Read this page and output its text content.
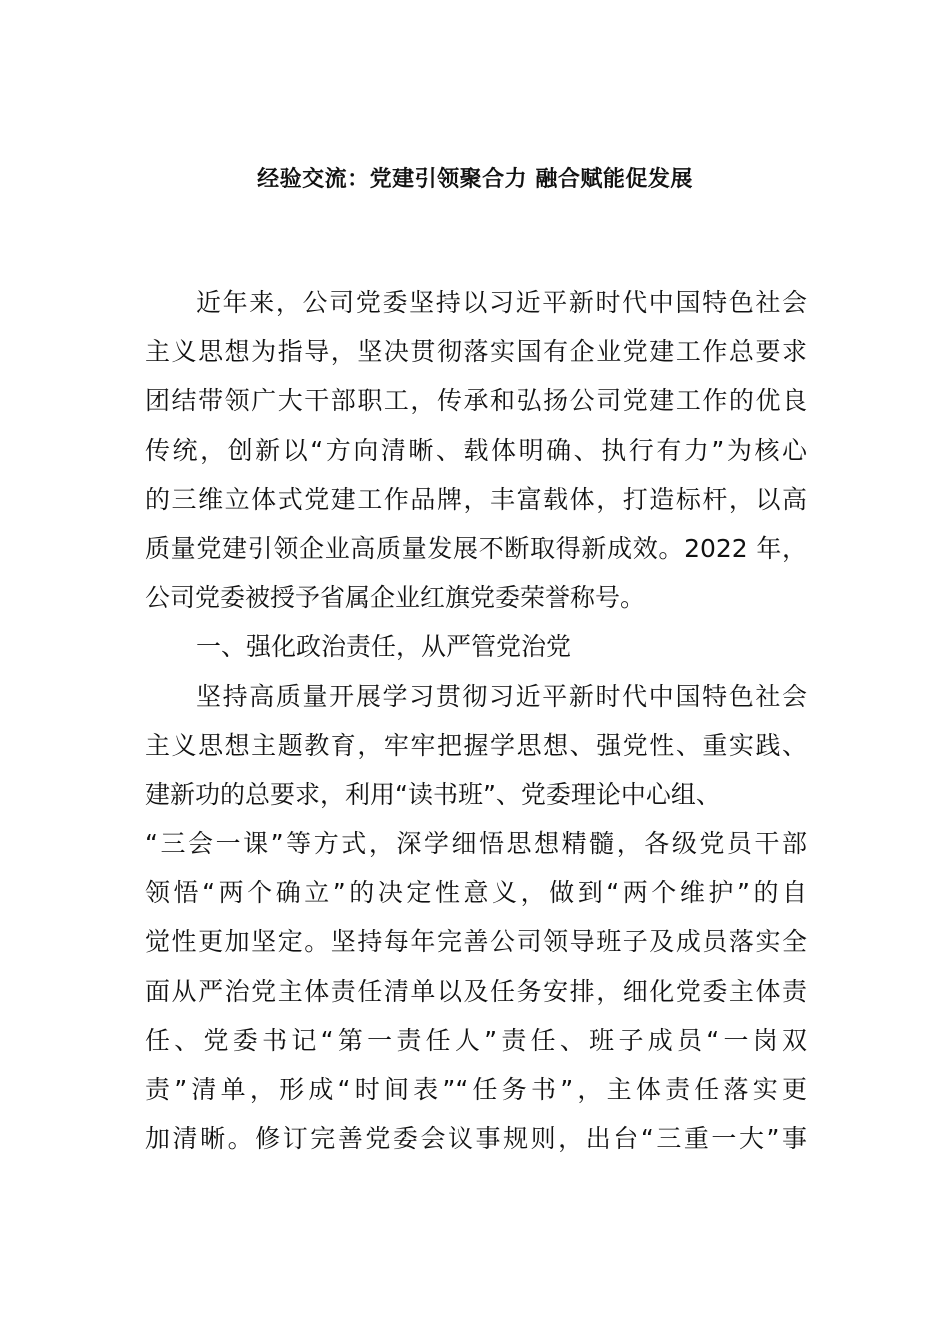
经验交流：党建引领聚合力 融合赋能促发展
近年来，公司党委坚持以习近平新时代中国特色社会
主义思想为指导，坚决贯彻落实国有企业党建工作总要求
团结带领广大干部职工，传承和弘扬公司党建工作的优良
传统，创新以“方向清晰、载体明确、执行有力”为核心
的三维立体式党建工作品牌，丰富载体，打造标杆，以高
质量党建引领企业高质量发展不断取得新成效。2022 年，
公司党委被授予省属企业红旗党委荣誉称号。
一、强化政治责任，从严管党治党
坚持高质量开展学习贯彻习近平新时代中国特色社会
主义思想主题教育，牢牢把握学思想、强党性、重实践、
建新功的总要求，利用“读书班”、党委理论中心组、
“三会一课”等方式，深学细悟思想精髓，各级党员干部
领悟“两个确立”的决定性意义，做到“两个维护”的自
觉性更加坚定。坚持每年完善公司领导班子及成员落实全
面从严治党主体责任清单以及任务安排，细化党委主体责
任、党委书记“第一责任人”责任、班子成员“一岗双
责”清单，形成“时间表”“任务书”，主体责任落实更
加清晰。修订完善党委会议事规则，出台“三重一大”事
